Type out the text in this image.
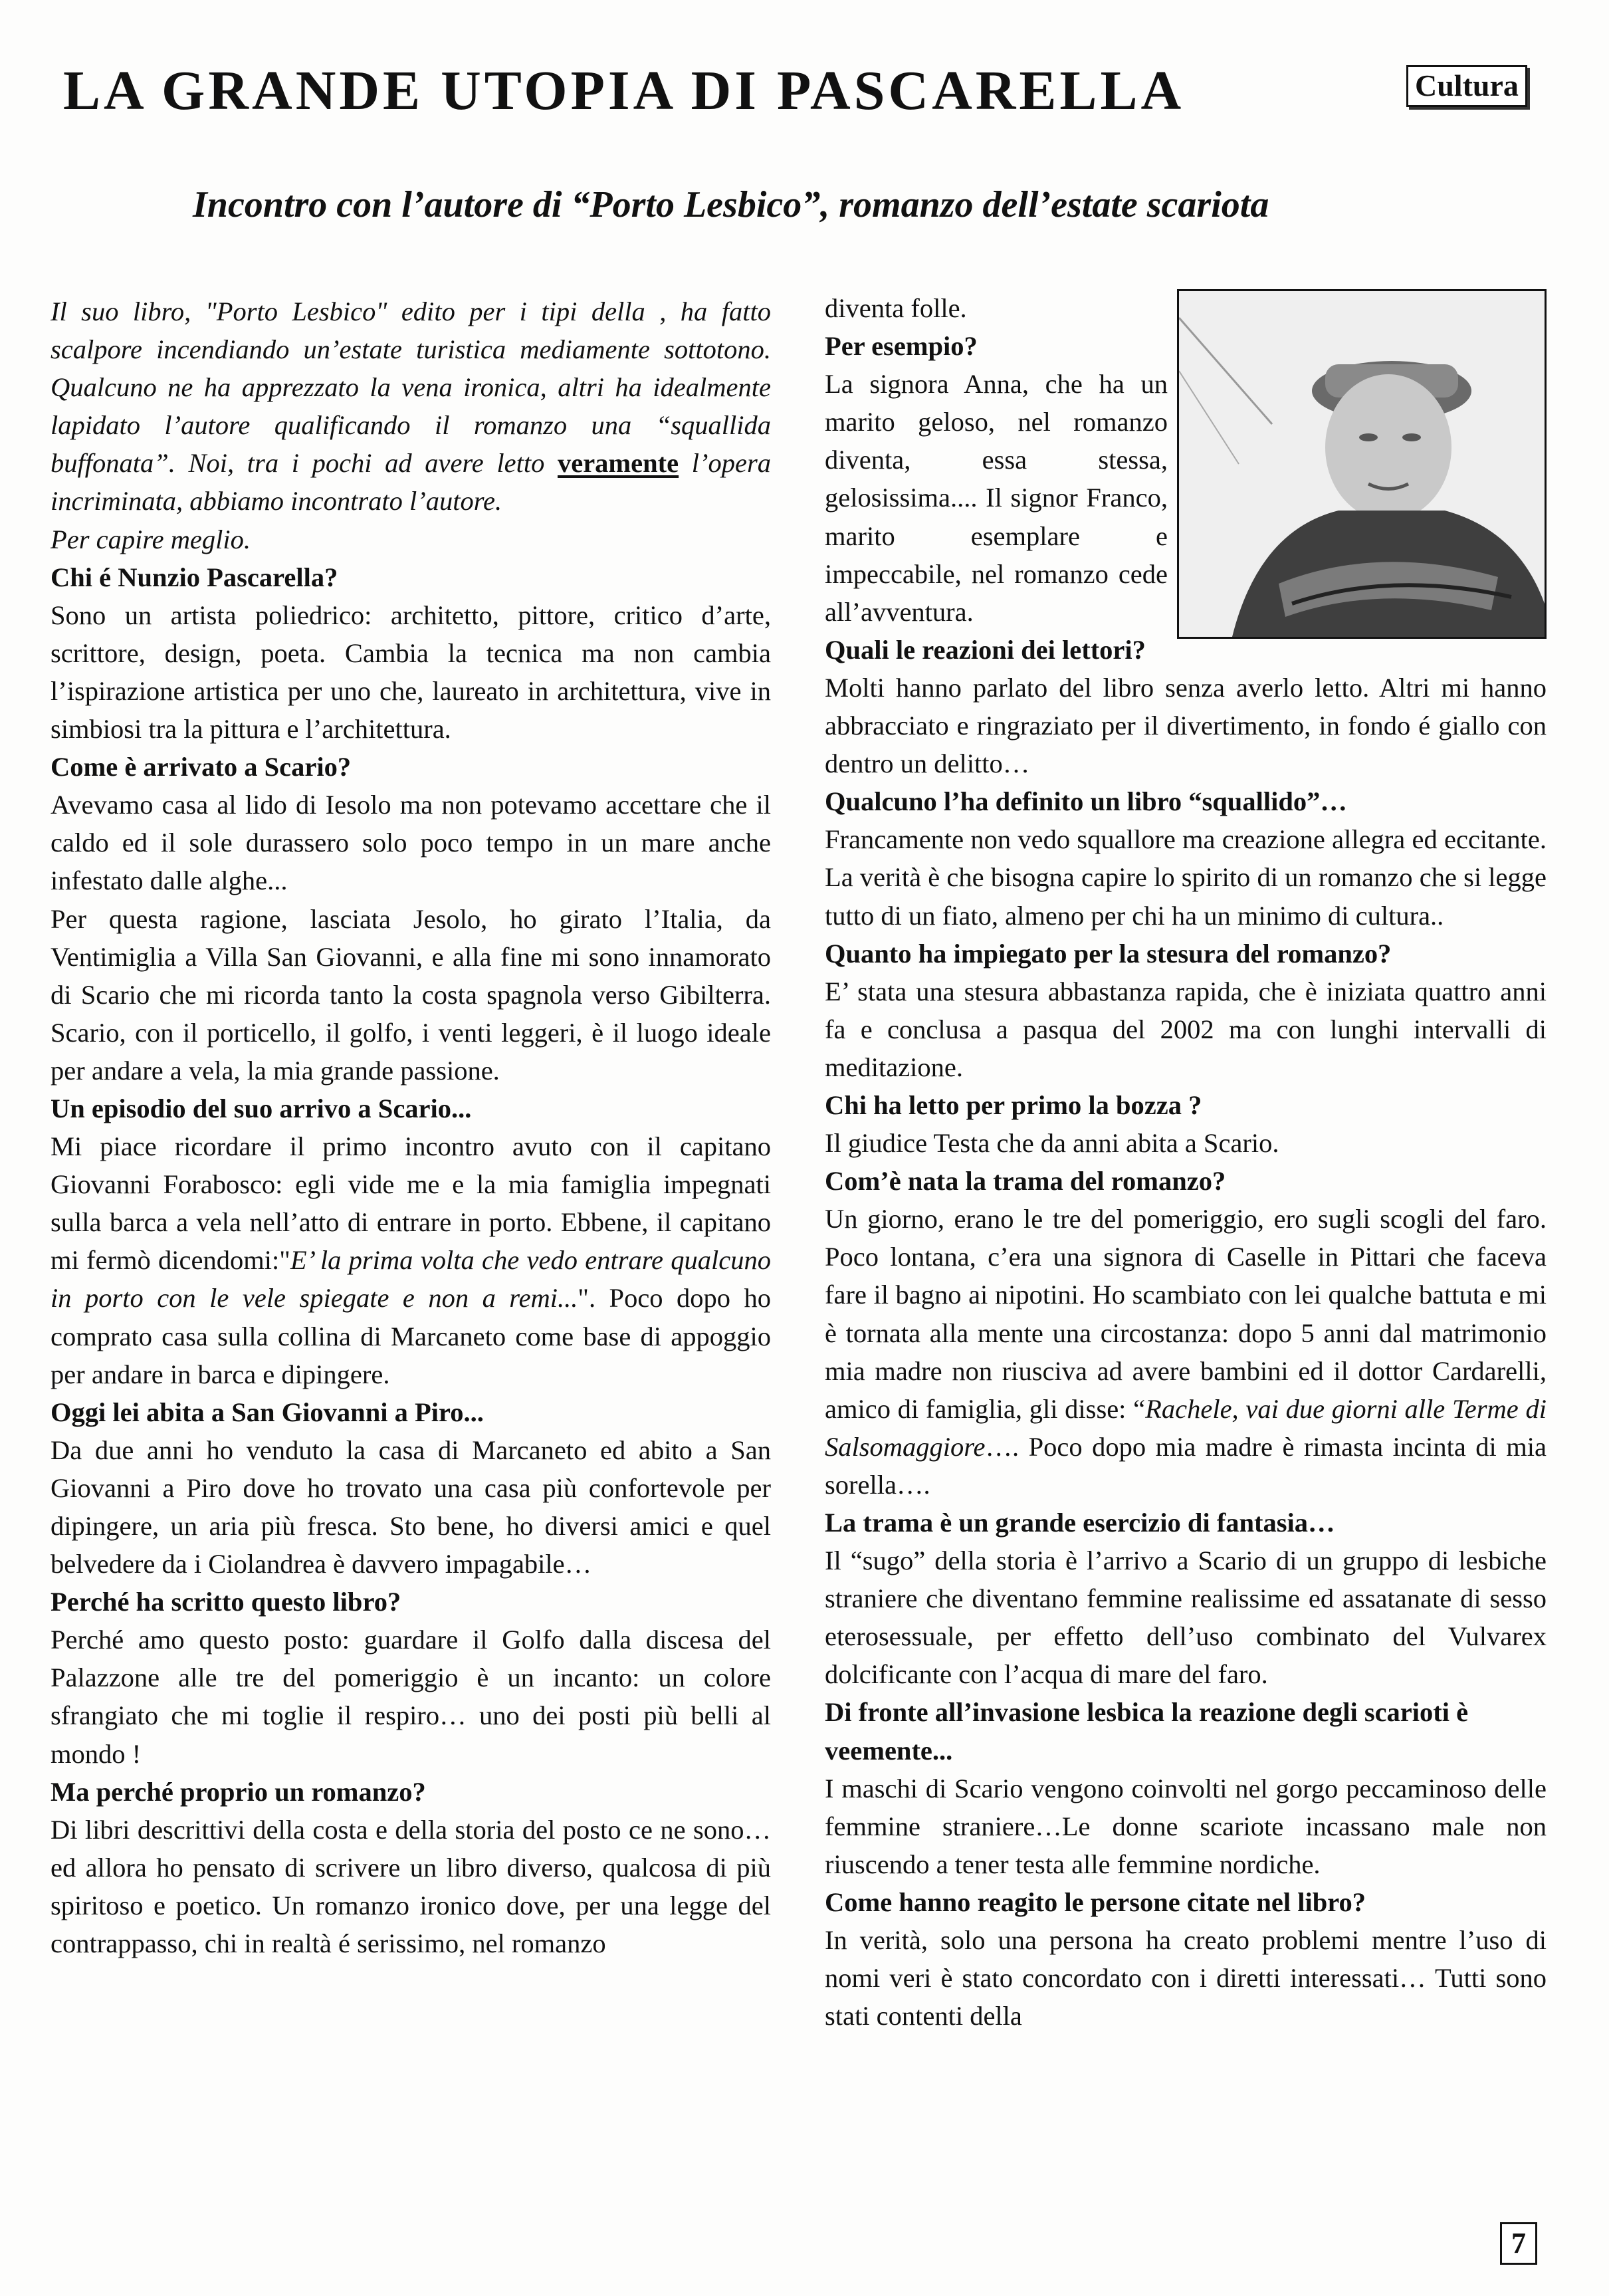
LA GRANDE UTOPIA DI PASCARELLA	Cultura
Incontro con l’autore di “Porto Lesbico”, romanzo dell’estate scariota

Il suo libro, "Porto Lesbico" edito per i tipi della , ha fatto scalpore incendiando un’estate turistica mediamente sottotono. Qualcuno ne ha apprezzato la vena ironica, altri ha idealmente lapidato l’autore qualificando il romanzo una “squallida buffonata”. Noi, tra i pochi ad avere letto veramente l’opera incriminata, abbiamo incontrato l’autore.

Per capire meglio.

Chi é Nunzio Pascarella?

Sono un artista poliedrico: architetto, pittore, critico d’arte, scrittore, design, poeta. Cambia la tecnica ma non cambia l’ispirazione artistica per uno che, laureato in architettura, vive in simbiosi tra la pittura e l’architettura.

Come è arrivato a Scario?

Avevamo casa al lido di Iesolo ma non potevamo accettare che il caldo ed il sole durassero solo poco tempo in un mare anche infestato dalle alghe...

Per questa ragione, lasciata Jesolo, ho girato l’Italia, da Ventimiglia a Villa San Giovanni, e alla fine mi sono innamorato di Scario che mi ricorda tanto la costa spagnola verso Gibilterra. Scario, con il porticello, il golfo, i venti leggeri, è il luogo ideale per andare a vela, la mia grande passione.

Un episodio del suo arrivo a Scario...

Mi piace ricordare il primo incontro avuto con il capitano Giovanni Forabosco: egli vide me e la mia famiglia impegnati sulla barca a vela nell’atto di entrare in porto. Ebbene, il capitano mi fermò dicendomi:"E’ la prima volta che vedo entrare qualcuno in porto con le vele spiegate e non a remi...". Poco dopo ho comprato casa sulla collina di Marcaneto come base di appoggio per andare in barca e dipingere.

Oggi lei abita a San Giovanni a Piro...

Da due anni ho venduto la casa di Marcaneto ed abito a San Giovanni a Piro dove ho trovato una casa più confortevole per dipingere, un aria più fresca. Sto bene, ho diversi amici e quel belvedere da i Ciolandrea è davvero impagabile…

Perché ha scritto questo libro?

Perché amo questo posto: guardare il Golfo dalla discesa del Palazzone alle tre del pomeriggio è un incanto: un colore sfrangiato che mi toglie il respiro… uno dei posti più belli al mondo !

Ma perché proprio un romanzo?

Di libri descrittivi della costa e della storia del posto ce ne sono… ed allora ho pensato di scrivere un libro diverso, qualcosa di più spiritoso e poetico. Un romanzo ironico dove, per una legge del contrappasso, chi in realtà é serissimo, nel romanzo

diventa folle.

Per esempio?

La signora Anna, che ha un marito geloso, nel romanzo diventa, essa stessa, gelosissima.... Il signor Franco, marito esemplare e impeccabile, nel romanzo cede all’avventura.

Quali le reazioni dei lettori?

Molti hanno parlato del libro senza averlo letto. Altri mi hanno abbracciato e ringraziato per il divertimento, in fondo é giallo con dentro un delitto…

Qualcuno l’ha definito un libro “squallido”…

Francamente non vedo squallore ma creazione allegra ed eccitante. La verità è che bisogna capire lo spirito di un romanzo che si legge tutto di un fiato, almeno per chi ha un minimo di cultura..

Quanto ha impiegato per la stesura del romanzo?

E’ stata una stesura abbastanza rapida, che è iniziata quattro anni fa e conclusa a pasqua del 2002 ma con lunghi intervalli di meditazione.

Chi ha letto per primo la bozza ?

Il giudice Testa che da anni abita a Scario.

Com’è nata la trama del romanzo?

Un giorno, erano le tre del pomeriggio, ero sugli scogli del faro. Poco lontana, c’era una signora di Caselle in Pittari che faceva fare il bagno ai nipotini. Ho scambiato con lei qualche battuta e mi è tornata alla mente una circostanza: dopo 5 anni dal matrimonio mia madre non riusciva ad avere bambini ed il dottor Cardarelli, amico di famiglia, gli disse: “Rachele, vai due giorni alle Terme di Salsomaggiore…. Poco dopo mia madre è rimasta incinta di mia sorella….

La trama è un grande esercizio di fantasia…

Il “sugo” della storia è l’arrivo a Scario di un gruppo di lesbiche straniere che diventano femmine realissime ed assatanate di sesso eterosessuale, per effetto dell’uso combinato del Vulvarex dolcificante con l’acqua di mare del faro.

Di fronte all’invasione lesbica la reazione degli scarioti è veemente...

I maschi di Scario vengono coinvolti nel gorgo peccaminoso delle femmine straniere…Le donne scariote incassano male non riuscendo a tener testa alle femmine nordiche.

Come hanno reagito le persone citate nel libro?

In verità, solo una persona ha creato problemi mentre l’uso di nomi veri è stato concordato con i diretti interessati… Tutti sono stati contenti della

7
